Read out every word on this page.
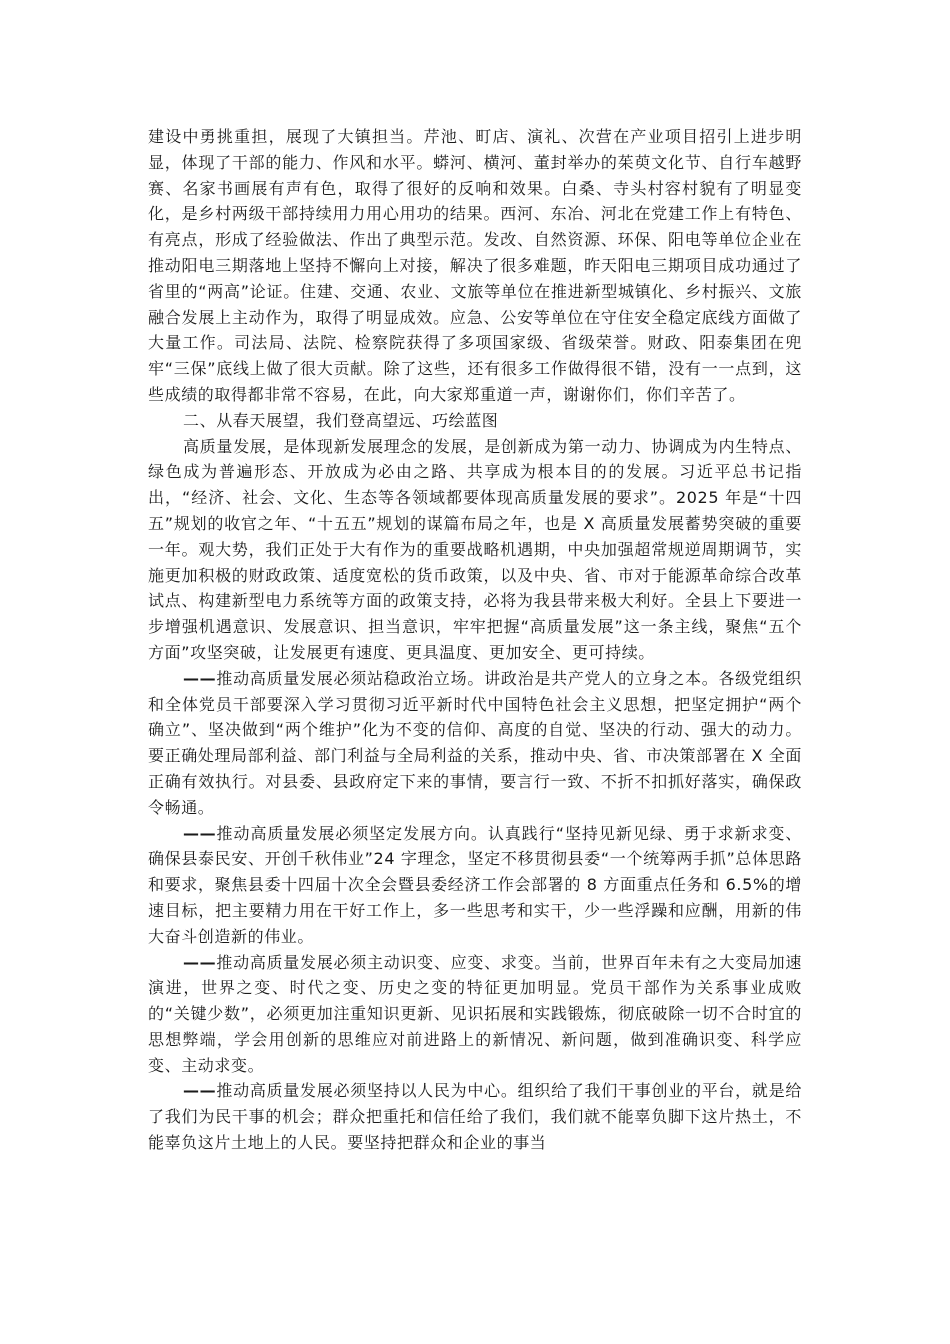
建设中勇挑重担，展现了大镇担当。芹池、町店、演礼、次营在产业项目招引上进步明显，体现了干部的能力、作风和水平。蟒河、横河、董封举办的茱萸文化节、自行车越野赛、名家书画展有声有色，取得了很好的反响和效果。白桑、寺头村容村貌有了明显变化，是乡村两级干部持续用力用心用功的结果。西河、东冶、河北在党建工作上有特色、有亮点，形成了经验做法、作出了典型示范。发改、自然资源、环保、阳电等单位企业在推动阳电三期落地上坚持不懈向上对接，解决了很多难题，昨天阳电三期项目成功通过了省里的“两高”论证。住建、交通、农业、文旅等单位在推进新型城镇化、乡村振兴、文旅融合发展上主动作为，取得了明显成效。应急、公安等单位在守住安全稳定底线方面做了大量工作。司法局、法院、检察院获得了多项国家级、省级荣誉。财政、阳泰集团在兜牢“三保”底线上做了很大贡献。除了这些，还有很多工作做得很不错，没有一一点到，这些成绩的取得都非常不容易，在此，向大家郑重道一声，谢谢你们，你们辛苦了。

二、从春天展望，我们登高望远、巧绘蓝图

高质量发展，是体现新发展理念的发展，是创新成为第一动力、协调成为内生特点、绿色成为普遍形态、开放成为必由之路、共享成为根本目的的发展。习近平总书记指出，“经济、社会、文化、生态等各领域都要体现高质量发展的要求”。2025 年是“十四五”规划的收官之年、“十五五”规划的谋篇布局之年，也是 X 高质量发展蓄势突破的重要一年。观大势，我们正处于大有作为的重要战略机遇期，中央加强超常规逆周期调节，实施更加积极的财政政策、适度宽松的货币政策，以及中央、省、市对于能源革命综合改革试点、构建新型电力系统等方面的政策支持，必将为我县带来极大利好。全县上下要进一步增强机遇意识、发展意识、担当意识，牢牢把握“高质量发展”这一条主线，聚焦“五个方面”攻坚突破，让发展更有速度、更具温度、更加安全、更可持续。

——推动高质量发展必须站稳政治立场。讲政治是共产党人的立身之本。各级党组织和全体党员干部要深入学习贯彻习近平新时代中国特色社会主义思想，把坚定拥护“两个确立”、坚决做到“两个维护”化为不变的信仰、高度的自觉、坚决的行动、强大的动力。要正确处理局部利益、部门利益与全局利益的关系，推动中央、省、市决策部署在 X 全面正确有效执行。对县委、县政府定下来的事情，要言行一致、不折不扣抓好落实，确保政令畅通。

——推动高质量发展必须坚定发展方向。认真践行“坚持见新见绿、勇于求新求变、确保县泰民安、开创千秋伟业”24 字理念，坚定不移贯彻县委“一个统筹两手抓”总体思路和要求，聚焦县委十四届十次全会暨县委经济工作会部署的 8 方面重点任务和 6.5%的增速目标，把主要精力用在干好工作上，多一些思考和实干，少一些浮躁和应酬，用新的伟大奋斗创造新的伟业。

——推动高质量发展必须主动识变、应变、求变。当前，世界百年未有之大变局加速演进，世界之变、时代之变、历史之变的特征更加明显。党员干部作为关系事业成败的“关键少数”，必须更加注重知识更新、见识拓展和实践锻炼，彻底破除一切不合时宜的思想弊端，学会用创新的思维应对前进路上的新情况、新问题，做到准确识变、科学应变、主动求变。

——推动高质量发展必须坚持以人民为中心。组织给了我们干事创业的平台，就是给了我们为民干事的机会；群众把重托和信任给了我们，我们就不能辜负脚下这片热土，不能辜负这片土地上的人民。要坚持把群众和企业的事当
